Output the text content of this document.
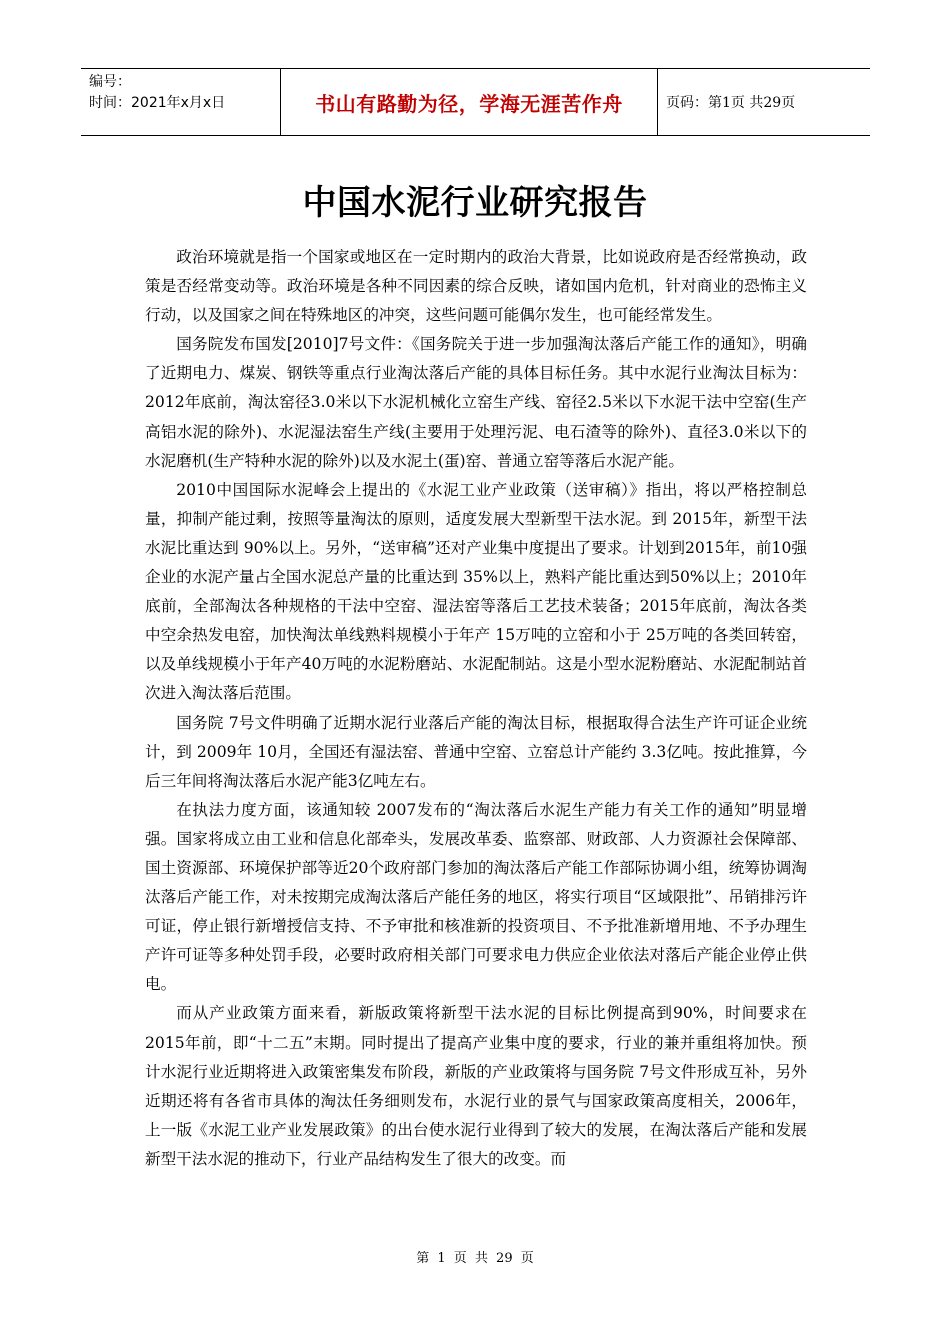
编号：
时间：2021年x月x日	书山有路勤为径，学海无涯苦作舟	页码：第1页 共29页
中国水泥行业研究报告

政治环境就是指一个国家或地区在一定时期内的政治大背景，比如说政府是否经常换动，政策是否经常变动等。政治环境是各种不同因素的综合反映，诸如国内危机，针对商业的恐怖主义行动，以及国家之间在特殊地区的冲突，这些问题可能偶尔发生，也可能经常发生。

国务院发布国发[2010]7号文件：《国务院关于进一步加强淘汰落后产能工作的通知》，明确了近期电力、煤炭、钢铁等重点行业淘汰落后产能的具体目标任务。其中水泥行业淘汰目标为：2012年底前，淘汰窑径3.0米以下水泥机械化立窑生产线、窑径2.5米以下水泥干法中空窑(生产高铝水泥的除外)、水泥湿法窑生产线(主要用于处理污泥、电石渣等的除外)、直径3.0米以下的水泥磨机(生产特种水泥的除外)以及水泥土(蛋)窑、普通立窑等落后水泥产能。

2010中国国际水泥峰会上提出的《水泥工业产业政策（送审稿）》指出，将以严格控制总量，抑制产能过剩，按照等量淘汰的原则，适度发展大型新型干法水泥。到 2015年，新型干法水泥比重达到 90%以上。另外，“送审稿”还对产业集中度提出了要求。计划到2015年，前10强企业的水泥产量占全国水泥总产量的比重达到 35%以上，熟料产能比重达到50%以上；2010年底前，全部淘汰各种规格的干法中空窑、湿法窑等落后工艺技术装备；2015年底前，淘汰各类中空余热发电窑，加快淘汰单线熟料规模小于年产 15万吨的立窑和小于 25万吨的各类回转窑，以及单线规模小于年产40万吨的水泥粉磨站、水泥配制站。这是小型水泥粉磨站、水泥配制站首次进入淘汰落后范围。

国务院 7号文件明确了近期水泥行业落后产能的淘汰目标，根据取得合法生产许可证企业统计，到 2009年 10月，全国还有湿法窑、普通中空窑、立窑总计产能约 3.3亿吨。按此推算，今后三年间将淘汰落后水泥产能3亿吨左右。

在执法力度方面，该通知较 2007发布的“淘汰落后水泥生产能力有关工作的通知”明显增强。国家将成立由工业和信息化部牵头，发展改革委、监察部、财政部、人力资源社会保障部、国土资源部、环境保护部等近20个政府部门参加的淘汰落后产能工作部际协调小组，统筹协调淘汰落后产能工作，对未按期完成淘汰落后产能任务的地区，将实行项目“区域限批”、吊销排污许可证，停止银行新增授信支持、不予审批和核准新的投资项目、不予批准新增用地、不予办理生产许可证等多种处罚手段，必要时政府相关部门可要求电力供应企业依法对落后产能企业停止供电。

而从产业政策方面来看，新版政策将新型干法水泥的目标比例提高到90%，时间要求在2015年前，即“十二五”末期。同时提出了提高产业集中度的要求，行业的兼并重组将加快。预计水泥行业近期将进入政策密集发布阶段，新版的产业政策将与国务院 7号文件形成互补，另外近期还将有各省市具体的淘汰任务细则发布，水泥行业的景气与国家政策高度相关，2006年，上一版《水泥工业产业发展政策》的出台使水泥行业得到了较大的发展，在淘汰落后产能和发展新型干法水泥的推动下，行业产品结构发生了很大的改变。而

第 1 页 共 29 页
